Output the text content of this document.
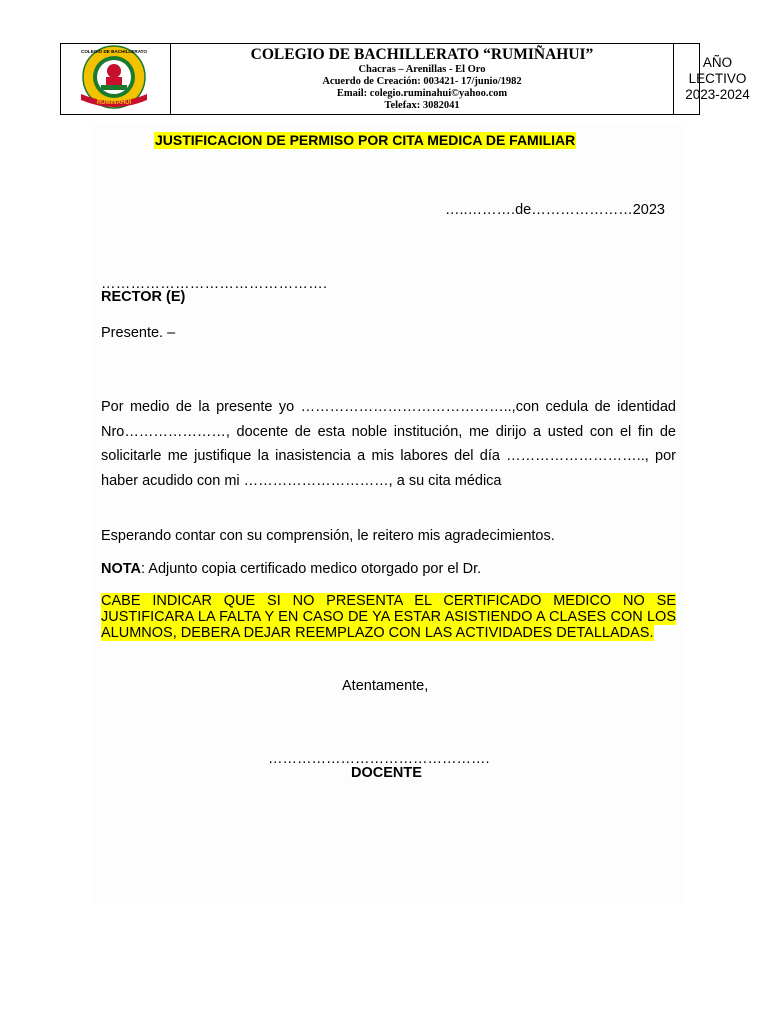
COLEGIO DE BACHILLERATO
RUMIÑAHUI
COLEGIO DE BACHILLERATO “RUMIÑAHUI”
Chacras – Arenillas - El Oro
Acuerdo de Creación: 003421- 17/junio/1982
Email: colegio.ruminahui©yahoo.com
Telefax: 3082041
AÑO
LECTIVO
2023-2024
JUSTIFICACION DE PERMISO POR CITA MEDICA DE FAMILIAR
…..……….de…………………2023
……………………………………….
RECTOR (E)
Presente. –
Por medio de la presente yo ……………………………………..,con cedula de identidad Nro…………………, docente de esta noble institución, me dirijo a usted con el fin de solicitarle me justifique la inasistencia a mis labores del día ……………………….., por haber acudido con mi …………………………, a su cita médica
Esperando contar con su comprensión, le reitero mis agradecimientos.
NOTA: Adjunto copia certificado medico otorgado por el Dr.
CABE INDICAR QUE SI NO PRESENTA EL CERTIFICADO MEDICO NO SE JUSTIFICARA LA FALTA Y EN CASO DE YA ESTAR ASISTIENDO A CLASES CON LOS ALUMNOS, DEBERA DEJAR REEMPLAZO CON LAS ACTIVIDADES DETALLADAS.
Atentamente,
……………………………………….
DOCENTE
